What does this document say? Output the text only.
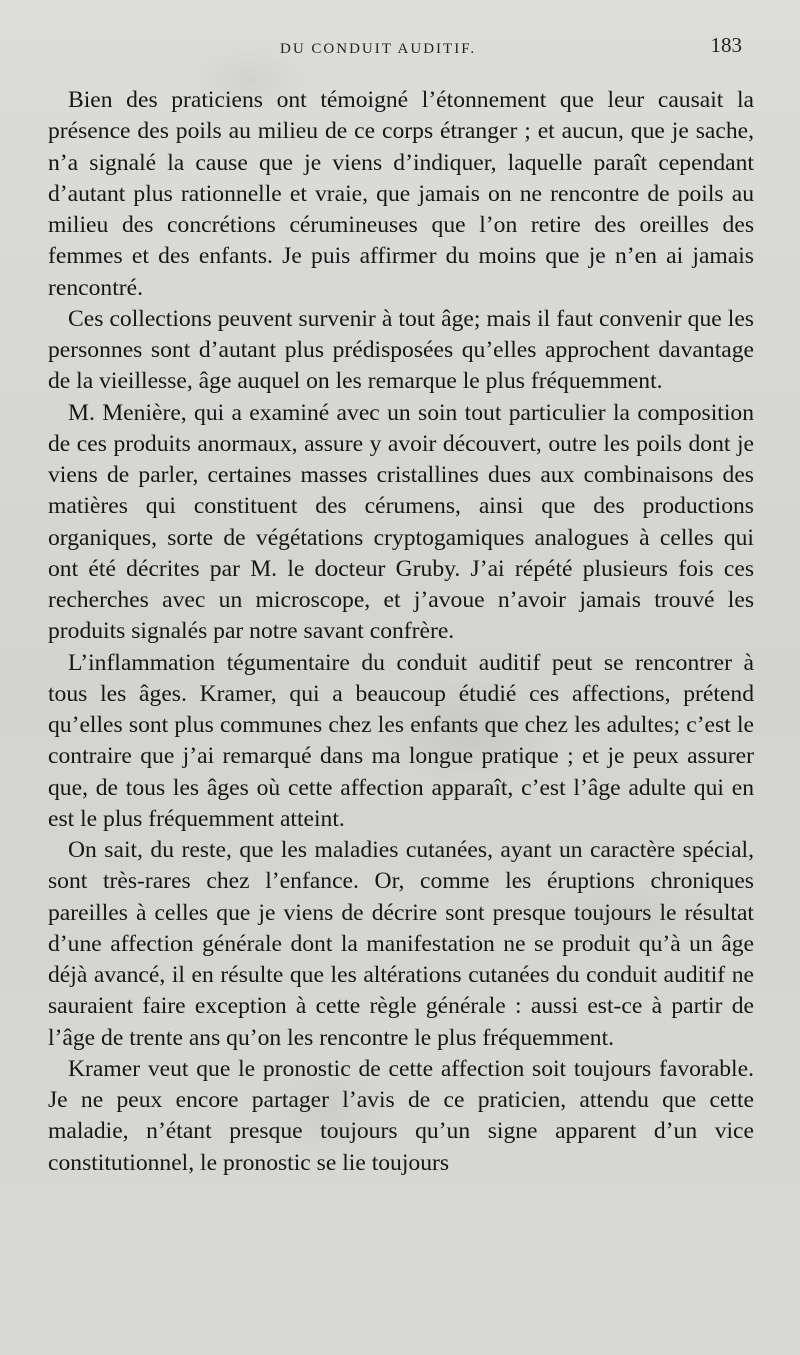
DU CONDUIT AUDITIF.	183

Bien des praticiens ont témoigné l’étonnement que leur causait la présence des poils au milieu de ce corps étranger ; et aucun, que je sache, n’a signalé la cause que je viens d’indiquer, laquelle paraît cependant d’autant plus rationnelle et vraie, que jamais on ne rencontre de poils au milieu des concrétions cérumineuses que l’on retire des oreilles des femmes et des enfants. Je puis affirmer du moins que je n’en ai jamais rencontré.

Ces collections peuvent survenir à tout âge; mais il faut convenir que les personnes sont d’autant plus prédisposées qu’elles approchent davantage de la vieillesse, âge auquel on les remarque le plus fréquemment.

M. Menière, qui a examiné avec un soin tout particulier la composition de ces produits anormaux, assure y avoir découvert, outre les poils dont je viens de parler, certaines masses cristallines dues aux combinaisons des matières qui constituent des cérumens, ainsi que des productions organiques, sorte de végétations cryptogamiques analogues à celles qui ont été décrites par M. le docteur Gruby. J’ai répété plusieurs fois ces recherches avec un microscope, et j’avoue n’avoir jamais trouvé les produits signalés par notre savant confrère.

L’inflammation tégumentaire du conduit auditif peut se rencontrer à tous les âges. Kramer, qui a beaucoup étudié ces affections, prétend qu’elles sont plus communes chez les enfants que chez les adultes; c’est le contraire que j’ai remarqué dans ma longue pratique ; et je peux assurer que, de tous les âges où cette affection apparaît, c’est l’âge adulte qui en est le plus fréquemment atteint.

On sait, du reste, que les maladies cutanées, ayant un caractère spécial, sont très-rares chez l’enfance. Or, comme les éruptions chroniques pareilles à celles que je viens de décrire sont presque toujours le résultat d’une affection générale dont la manifestation ne se produit qu’à un âge déjà avancé, il en résulte que les altérations cutanées du conduit auditif ne sauraient faire exception à cette règle générale : aussi est-ce à partir de l’âge de trente ans qu’on les rencontre le plus fréquemment.

Kramer veut que le pronostic de cette affection soit toujours favorable. Je ne peux encore partager l’avis de ce praticien, attendu que cette maladie, n’étant presque toujours qu’un signe apparent d’un vice constitutionnel, le pronostic se lie toujours
